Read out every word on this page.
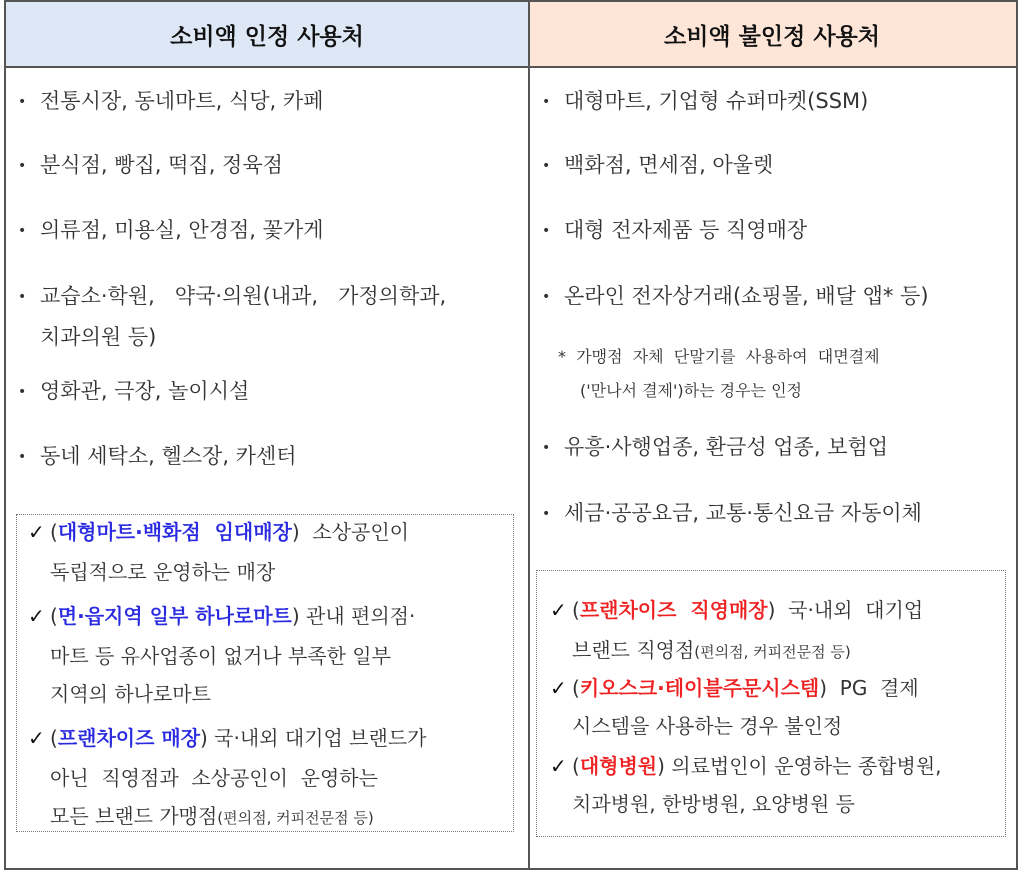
소비액 인정 사용처	소비액 불인정 사용처
• 전통시장, 동네마트, 식당, 카페
• 분식점, 빵집, 떡집, 정육점
• 의류점, 미용실, 안경점, 꽃가게
• 교습소·학원,   약국·의원(내과,   가정의학과,
치과의원 등)
• 영화관, 극장, 놀이시설
• 동네 세탁소, 헬스장, 카센터
✓ (대형마트·백화점  임대매장)  소상공인이
독립적으로 운영하는 매장
✓ (면·읍지역 일부 하나로마트) 관내 편의점·
마트 등 유사업종이 없거나 부족한 일부
지역의 하나로마트
✓ (프랜차이즈 매장) 국·내외 대기업 브랜드가
아닌  직영점과  소상공인이  운영하는
모든 브랜드 가맹점(편의점, 커피전문점 등)
• 대형마트, 기업형 슈퍼마켓(SSM)
• 백화점, 면세점, 아울렛
• 대형 전자제품 등 직영매장
• 온라인 전자상거래(쇼핑몰, 배달 앱* 등)
*  가맹점  자체  단말기를  사용하여  대면결제
('만나서 결제')하는 경우는 인정
• 유흥·사행업종, 환금성 업종, 보험업
• 세금·공공요금, 교통·통신요금 자동이체
✓ (프랜차이즈  직영매장)  국·내외  대기업
브랜드 직영점(편의점, 커피전문점 등)
✓ (키오스크·테이블주문시스템)  PG  결제
시스템을 사용하는 경우 불인정
✓ (대형병원) 의료법인이 운영하는 종합병원,
치과병원, 한방병원, 요양병원 등
